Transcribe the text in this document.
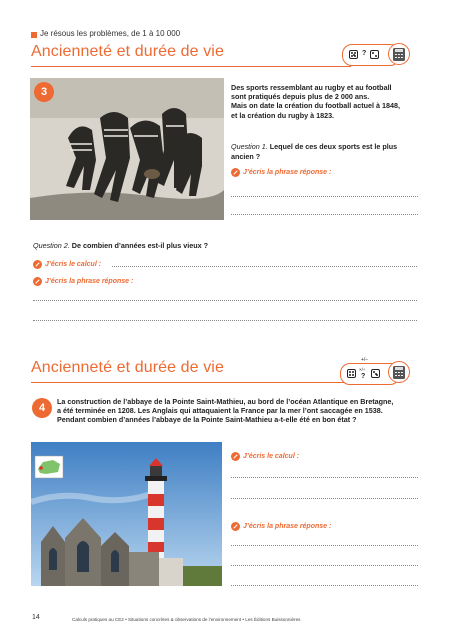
Je résous les problèmes, de 1 à 10 000
Ancienneté et durée de vie	?
3	Des sports ressemblant au rugby et au football
sont pratiqués depuis plus de 2 000 ans.
Mais on date la création du football actuel à 1848,
et la création du rugby à 1823.
Question 1. Lequel de ces deux sports est le plus
ancien ?
J’écris la phrase réponse :
Question 2. De combien d’années est-il plus vieux ?
J’écris le calcul :
J’écris la phrase réponse :
Ancienneté et durée de vie	+/−
×/÷
?
4
La construction de l’abbaye de la Pointe Saint-Mathieu, au bord de l’océan Atlantique en Bretagne,
a été terminée en 1208. Les Anglais qui attaquaient la France par la mer l’ont saccagée en 1538.
Pendant combien d’années l’abbaye de la Pointe Saint-Mathieu a-t-elle été en bon état ?
J’écris le calcul :
J’écris la phrase réponse :
14	Calculs pratiques au CE2 • Situations concrètes & observations de l’environnement • Les Éditions Buissonnières
